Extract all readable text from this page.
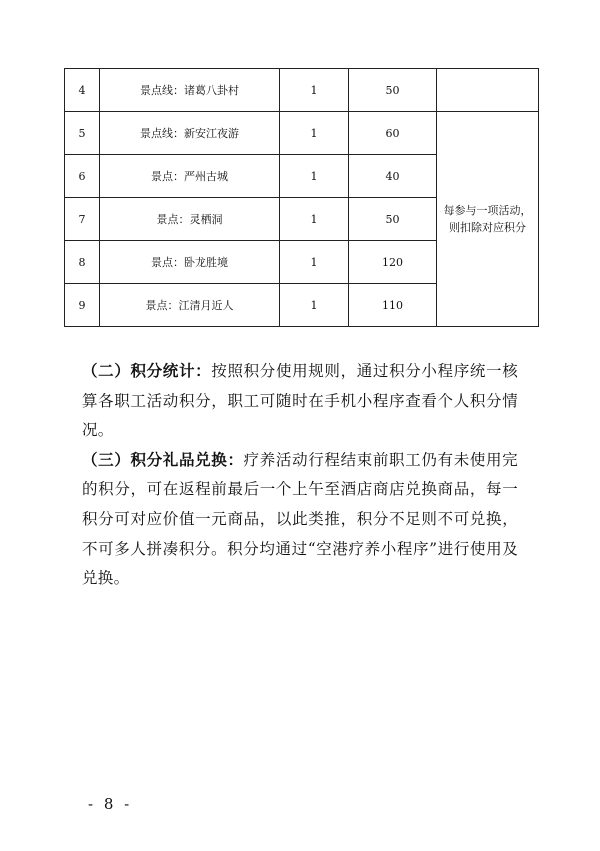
4	景点线：诸葛八卦村	1	50	
5	景点线：新安江夜游	1	60	每参与一项活动，则扣除对应积分

6	景点：严州古城	1	40	
7	景点：灵栖洞	1	50	
8	景点：卧龙胜境	1	120	
9	景点：江清月近人	1	110	

（二）积分统计：按照积分使用规则，通过积分小程序统一核算各职工活动积分，职工可随时在手机小程序查看个人积分情况。

（三）积分礼品兑换：疗养活动行程结束前职工仍有未使用完的积分，可在返程前最后一个上午至酒店商店兑换商品，每一积分可对应价值一元商品，以此类推，积分不足则不可兑换，不可多人拼凑积分。积分均通过“空港疗养小程序”进行使用及兑换。

- 8 -
